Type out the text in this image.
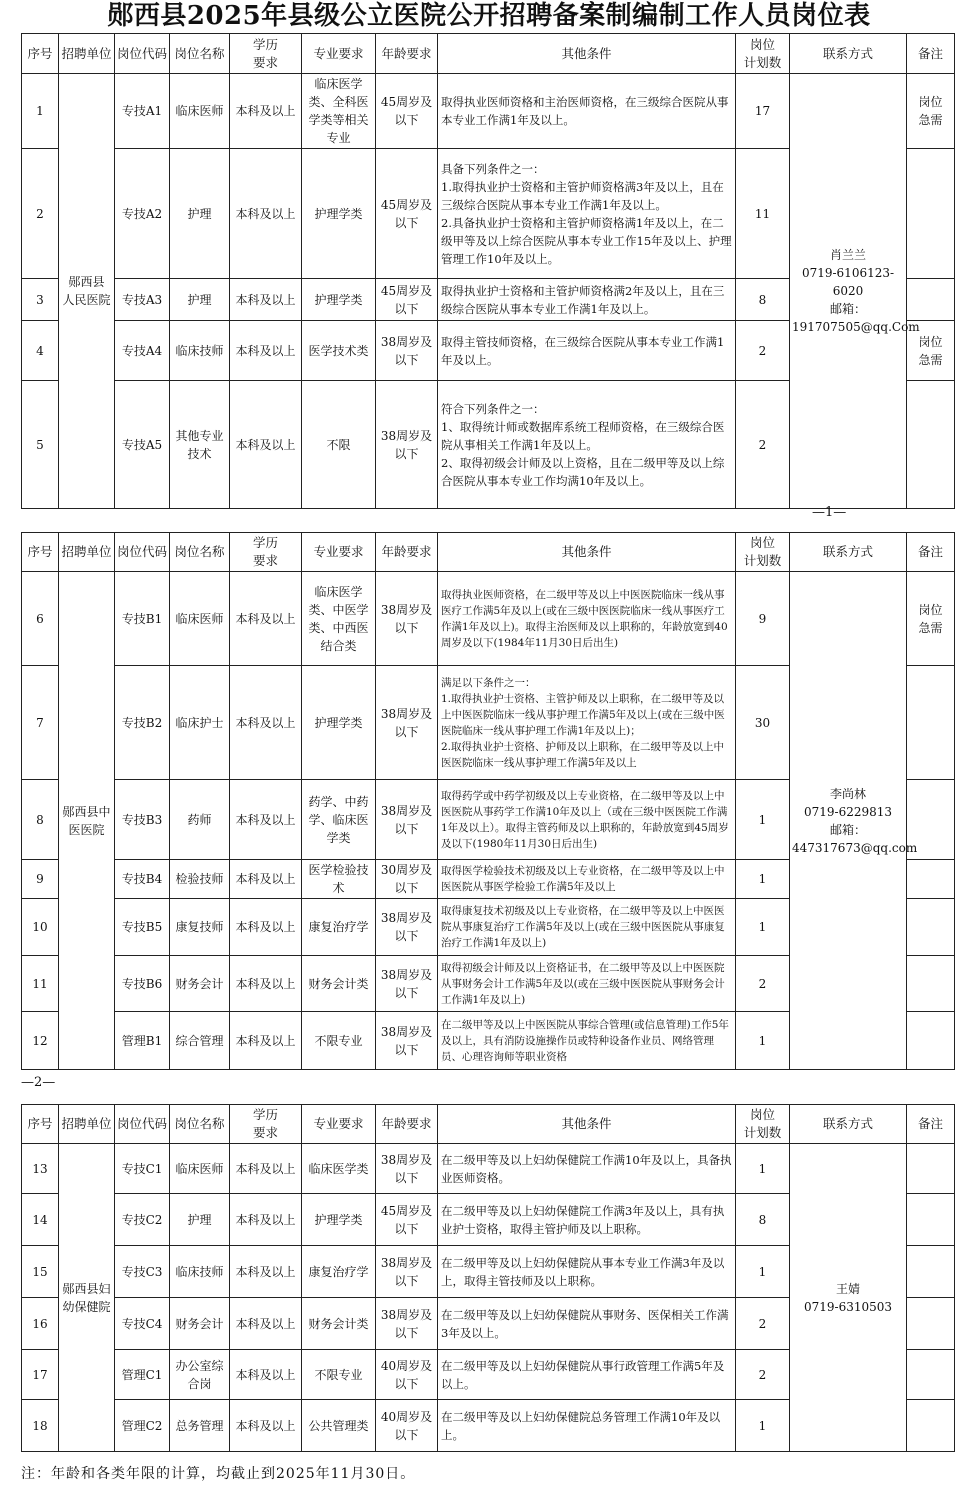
郧西县2025年县级公立医院公开招聘备案制编制工作人员岗位表
序号	招聘单位	岗位代码	岗位名称	学历
要求	专业要求	年龄要求	其他条件	岗位
计划数	联系方式	备注
1	郧西县
人民医院	专技A1	临床医师	本科及以上	临床医学类、全科医学类等相关专业	45周岁及以下	取得执业医师资格和主治医师资格，在三级综合医院从事本专业工作满1年及以上。	17	肖兰兰
0719-6106123-6020
邮箱：
191707505@qq.Com	岗位
急需
2		专技A2	护理	本科及以上	护理学类	45周岁及以下	具备下列条件之一：
1.取得执业护士资格和主管护师资格满3年及以上，且在三级综合医院从事本专业工作满1年及以上。
2.具备执业护士资格和主管护师资格满1年及以上，在二级甲等及以上综合医院从事本专业工作15年及以上、护理管理工作10年及以上。	11		
3		专技A3	护理	本科及以上	护理学类	45周岁及以下	取得执业护士资格和主管护师资格满2年及以上，且在三级综合医院从事本专业工作满1年及以上。	8		
4		专技A4	临床技师	本科及以上	医学技术类	38周岁及以下	取得主管技师资格，在三级综合医院从事本专业工作满1年及以上。	2		岗位
急需
5		专技A5	其他专业技术	本科及以上	不限	38周岁及以下	符合下列条件之一：
1、取得统计师或数据库系统工程师资格，在三级综合医院从事相关工作满1年及以上。
2、取得初级会计师及以上资格，且在二级甲等及以上综合医院从事本专业工作均满10年及以上。	2		
—1—
序号	招聘单位	岗位代码	岗位名称	学历
要求	专业要求	年龄要求	其他条件	岗位
计划数	联系方式	备注
6	郧西县中
医医院	专技B1	临床医师	本科及以上	临床医学类、中医学类、中西医结合类	38周岁及以下	取得执业医师资格，在二级甲等及以上中医医院临床一线从事医疗工作满5年及以上(或在三级中医医院临床一线从事医疗工作满1年及以上)。取得主治医师及以上职称的，年龄放宽到40周岁及以下(1984年11月30日后出生)	9	李尚林
0719-6229813
邮箱：
447317673@qq.com	岗位
急需
7		专技B2	临床护士	本科及以上	护理学类	38周岁及以下	满足以下条件之一：
1.取得执业护士资格、主管护师及以上职称，在二级甲等及以上中医医院临床一线从事护理工作满5年及以上(或在三级中医医院临床一线从事护理工作满1年及以上)；
2.取得执业护士资格、护师及以上职称，在二级甲等及以上中医医院临床一线从事护理工作满5年及以上	30		
8		专技B3	药师	本科及以上	药学、中药学、临床医学类	38周岁及以下	取得药学或中药学初级及以上专业资格，在二级甲等及以上中医医院从事药学工作满10年及以上（或在三级中医医院工作满1年及以上）。取得主管药师及以上职称的，年龄放宽到45周岁及以下(1980年11月30日后出生)	1		
9		专技B4	检验技师	本科及以上	医学检验技术	30周岁及以下	取得医学检验技术初级及以上专业资格，在二级甲等及以上中医医院从事医学检验工作满5年及以上	1		
10		专技B5	康复技师	本科及以上	康复治疗学	38周岁及以下	取得康复技术初级及以上专业资格，在二级甲等及以上中医医院从事康复治疗工作满5年及以上(或在三级中医医院从事康复治疗工作满1年及以上)	1		
11		专技B6	财务会计	本科及以上	财务会计类	38周岁及以下	取得初级会计师及以上资格证书，在二级甲等及以上中医医院从事财务会计工作满5年及以(或在三级中医医院从事财务会计工作满1年及以上)	2		
12		管理B1	综合管理	本科及以上	不限专业	38周岁及以下	在二级甲等及以上中医医院从事综合管理(或信息管理)工作5年及以上，具有消防设施操作员或特种设备作业员、网络管理员、心理咨询师等职业资格	1		
—2—
序号	招聘单位	岗位代码	岗位名称	学历
要求	专业要求	年龄要求	其他条件	岗位
计划数	联系方式	备注
13	郧西县妇
幼保健院	专技C1	临床医师	本科及以上	临床医学类	38周岁及以下	在二级甲等及以上妇幼保健院工作满10年及以上，具备执业医师资格。	1	王婧
0719-6310503	
14		专技C2	护理	本科及以上	护理学类	45周岁及以下	在二级甲等及以上妇幼保健院工作满3年及以上，具有执业护士资格，取得主管护师及以上职称。	8		
15		专技C3	临床技师	本科及以上	康复治疗学	38周岁及以下	在二级甲等及以上妇幼保健院从事本专业工作满3年及以上，取得主管技师及以上职称。	1		
16		专技C4	财务会计	本科及以上	财务会计类	38周岁及以下	在二级甲等及以上妇幼保健院从事财务、医保相关工作满3年及以上。	2		
17		管理C1	办公室综合岗	本科及以上	不限专业	40周岁及以下	在二级甲等及以上妇幼保健院从事行政管理工作满5年及以上。	2		
18		管理C2	总务管理	本科及以上	公共管理类	40周岁及以下	在二级甲等及以上妇幼保健院总务管理工作满10年及以上。	1		
注：年龄和各类年限的计算，均截止到2025年11月30日。
